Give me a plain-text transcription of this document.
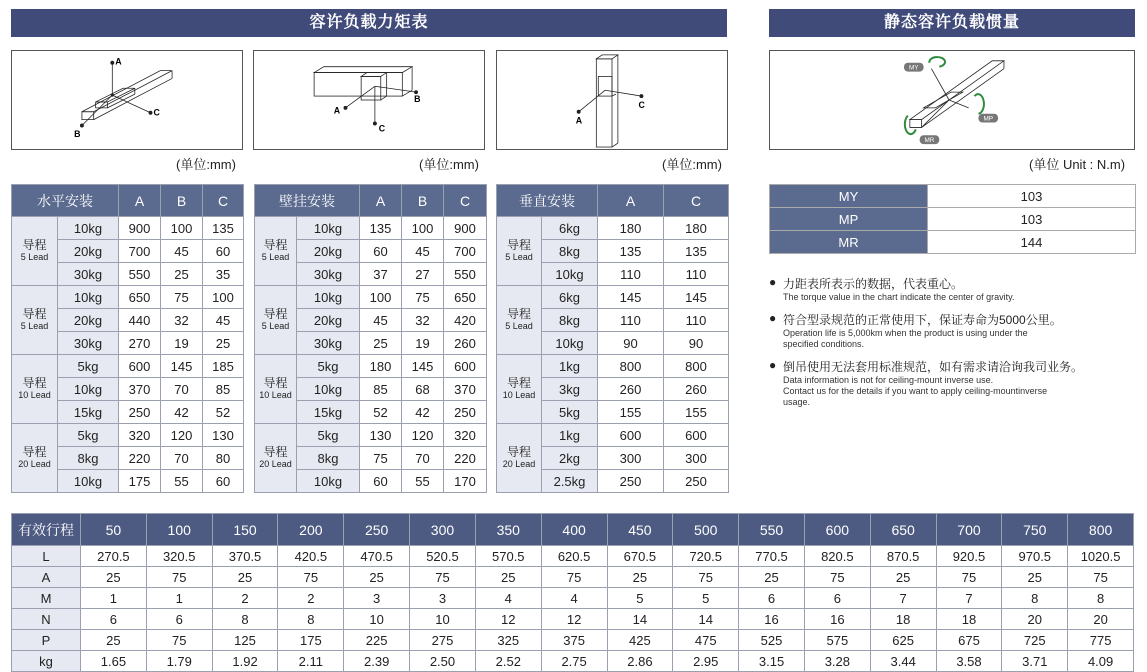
容许负载力矩表	静态容许负载惯量
A
C
B
(单位:mm)
A
B
C
(单位:mm)
A
C
(单位:mm)
MY
MP
MR
(单位 Unit : N.m)
水平安装		A	B	C

导程
5 Lead	10kg	900	100	135
	20kg	700	45	60
	30kg	550	25	35

导程
5 Lead	10kg	650	75	100
	20kg	440	32	45
	30kg	270	19	25

导程
10 Lead	5kg	600	145	185
	10kg	370	70	85
	15kg	250	42	52

导程
20 Lead	5kg	320	120	130
	8kg	220	70	80
	10kg	175	55	60
壁挂安装		A	B	C

导程
5 Lead	10kg	135	100	900
	20kg	60	45	700
	30kg	37	27	550

导程
5 Lead	10kg	100	75	650
	20kg	45	32	420
	30kg	25	19	260

导程
10 Lead	5kg	180	145	600
	10kg	85	68	370
	15kg	52	42	250

导程
20 Lead	5kg	130	120	320
	8kg	75	70	220
	10kg	60	55	170
垂直安装		A	C

导程
5 Lead	6kg	180	180
	8kg	135	135
	10kg	110	110

导程
5 Lead	6kg	145	145
	8kg	110	110
	10kg	90	90

导程
10 Lead	1kg	800	800
	3kg	260	260
	5kg	155	155

导程
20 Lead	1kg	600	600
	2kg	300	300
	2.5kg	250	250
MY	103
MP	103
MR	144
● 力距表所表示的数据，代表重心。
The torque value in the chart indicate the center of gravity.
● 符合型录规范的正常使用下，保证寿命为5000公里。
Operation life is 5,000km when the product is using under the
specified conditions.
● 倒吊使用无法套用标准规范，如有需求请洽询我司业务。
Data information is not for ceiling-mount inverse use.
Contact us for the details if you want to apply ceiling-mountinverse
usage.
有效行程	50	100	150	200	250	300	350	400	450	500	550	600	650	700	750	800
L	270.5	320.5	370.5	420.5	470.5	520.5	570.5	620.5	670.5	720.5	770.5	820.5	870.5	920.5	970.5	1020.5
A	25	75	25	75	25	75	25	75	25	75	25	75	25	75	25	75
M	1	1	2	2	3	3	4	4	5	5	6	6	7	7	8	8
N	6	6	8	8	10	10	12	12	14	14	16	16	18	18	20	20
P	25	75	125	175	225	275	325	375	425	475	525	575	625	675	725	775
kg	1.65	1.79	1.92	2.11	2.39	2.50	2.52	2.75	2.86	2.95	3.15	3.28	3.44	3.58	3.71	4.09
